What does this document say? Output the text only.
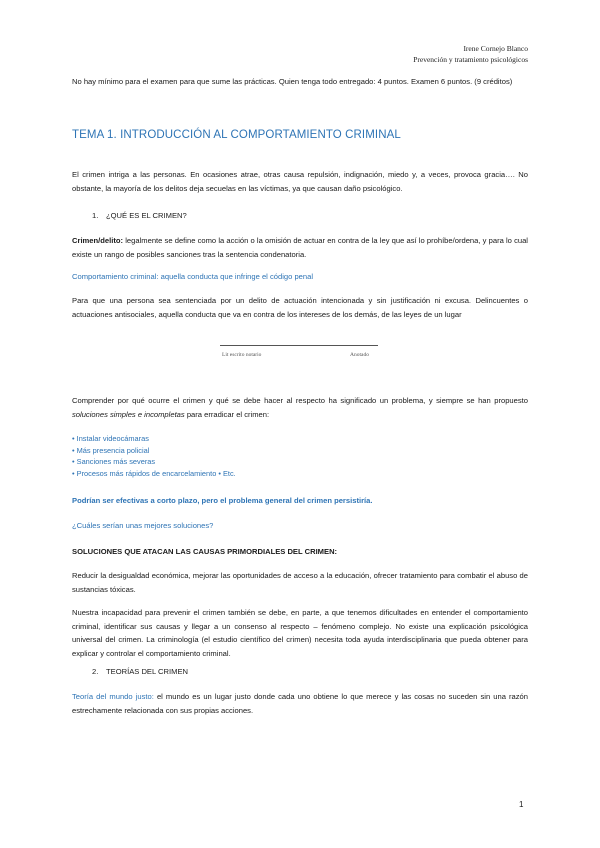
Irene Cornejo Blanco
Prevención y tratamiento psicológicos
No hay mínimo para el examen para que sume las prácticas. Quien tenga todo entregado: 4 puntos. Examen 6 puntos. (9 créditos)
TEMA 1. INTRODUCCIÓN AL COMPORTAMIENTO CRIMINAL
El crimen intriga a las personas. En ocasiones atrae, otras causa repulsión, indignación, miedo y, a veces, provoca gracia…. No obstante, la mayoría de los delitos deja secuelas en las víctimas, ya que causan daño psicológico.
1. ¿QUÉ ES EL CRIMEN?
Crimen/delito: legalmente se define como la acción o la omisión de actuar en contra de la ley que así lo prohíbe/ordena, y para lo cual existe un rango de posibles sanciones tras la sentencia condenatoria.
Comportamiento criminal: aquella conducta que infringe el código penal
Para que una persona sea sentenciada por un delito de actuación intencionada y sin justificación ni excusa. Delincuentes o actuaciones antisociales, aquella conducta que va en contra de los intereses de los demás, de las leyes de un lugar
Lit escrito notario	Anotado
Comprender por qué ocurre el crimen y qué se debe hacer al respecto ha significado un problema, y siempre se han propuesto soluciones simples e incompletas para erradicar el crimen:
• Instalar videocámaras
• Más presencia policial
• Sanciones más severas
• Procesos más rápidos de encarcelamiento • Etc.
Podrían ser efectivas a corto plazo, pero el problema general del crimen persistiría.
¿Cuáles serían unas mejores soluciones?
SOLUCIONES QUE ATACAN LAS CAUSAS PRIMORDIALES DEL CRIMEN:
Reducir la desigualdad económica, mejorar las oportunidades de acceso a la educación, ofrecer tratamiento para combatir el abuso de sustancias tóxicas.
Nuestra incapacidad para prevenir el crimen también se debe, en parte, a que tenemos dificultades en entender el comportamiento criminal, identificar sus causas y llegar a un consenso al respecto – fenómeno complejo. No existe una explicación psicológica universal del crimen. La criminología (el estudio científico del crimen) necesita toda ayuda interdisciplinaria que pueda obtener para explicar y controlar el comportamiento criminal.
2. TEORÍAS DEL CRIMEN
Teoría del mundo justo: el mundo es un lugar justo donde cada uno obtiene lo que merece y las cosas no suceden sin una razón estrechamente relacionada con sus propias acciones.
1
